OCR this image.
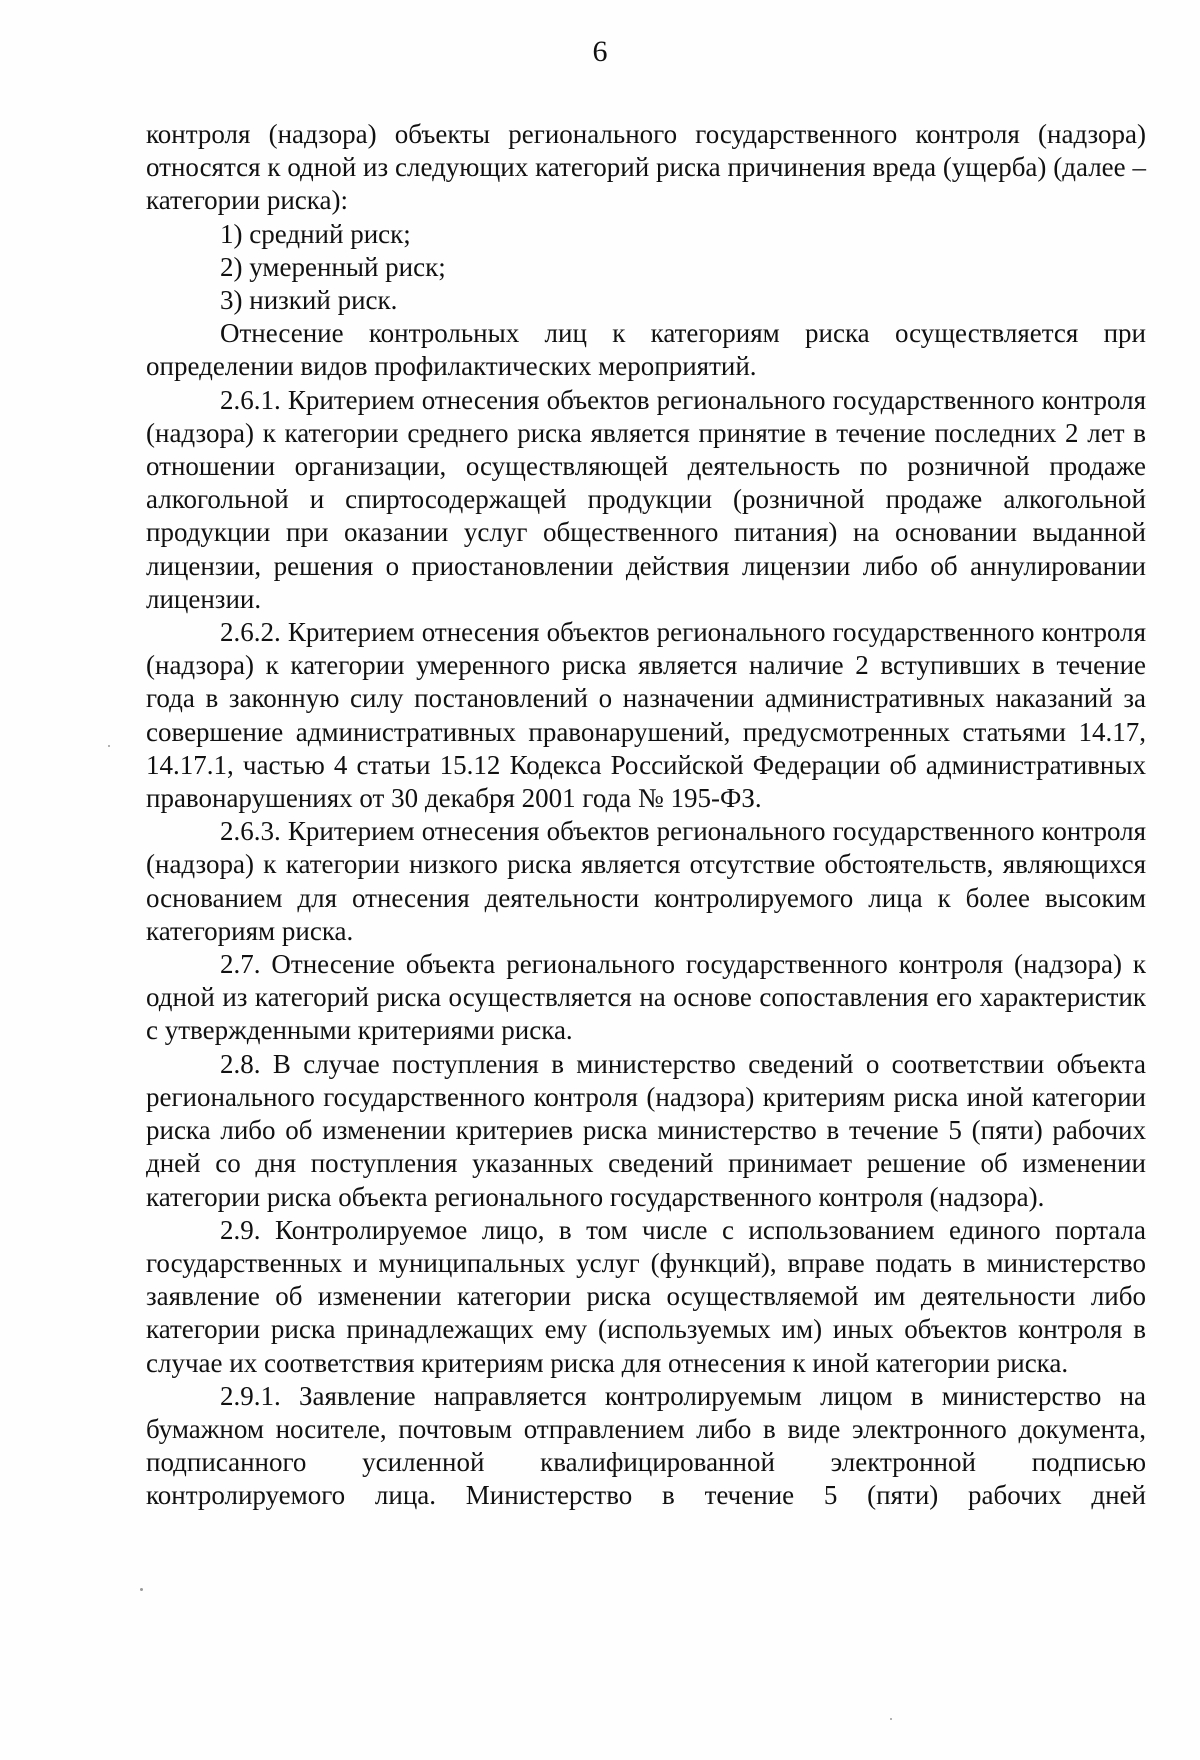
6

контроля (надзора) объекты регионального государственного контроля (надзора) относятся к одной из следующих категорий риска причинения вреда (ущерба) (далее – категории риска):

1) средний риск;

2) умеренный риск;

3) низкий риск.

Отнесение контрольных лиц к категориям риска осуществляется при определении видов профилактических мероприятий.

2.6.1. Критерием отнесения объектов регионального государственного контроля (надзора) к категории среднего риска является принятие в течение последних 2 лет в отношении организации, осуществляющей деятельность по розничной продаже алкогольной и спиртосодержащей продукции (розничной продаже алкогольной продукции при оказании услуг общественного питания) на основании выданной лицензии, решения о приостановлении действия лицензии либо об аннулировании лицензии.

2.6.2. Критерием отнесения объектов регионального государственного контроля (надзора) к категории умеренного риска является наличие 2 вступивших в течение года в законную силу постановлений о назначении административных наказаний за совершение административных правонарушений, предусмотренных статьями 14.17, 14.17.1, частью 4 статьи 15.12 Кодекса Российской Федерации об административных правонарушениях от 30 декабря 2001 года № 195-ФЗ.

2.6.3. Критерием отнесения объектов регионального государственного контроля (надзора) к категории низкого риска является отсутствие обстоятельств, являющихся основанием для отнесения деятельности контролируемого лица к более высоким категориям риска.

2.7. Отнесение объекта регионального государственного контроля (надзора) к одной из категорий риска осуществляется на основе сопоставления его характеристик с утвержденными критериями риска.

2.8. В случае поступления в министерство сведений о соответствии объекта регионального государственного контроля (надзора) критериям риска иной категории риска либо об изменении критериев риска министерство в течение 5 (пяти) рабочих дней со дня поступления указанных сведений принимает решение об изменении категории риска объекта регионального государственного контроля (надзора).

2.9. Контролируемое лицо, в том числе с использованием единого портала государственных и муниципальных услуг (функций), вправе подать в министерство заявление об изменении категории риска осуществляемой им деятельности либо категории риска принадлежащих ему (используемых им) иных объектов контроля в случае их соответствия критериям риска для отнесения к иной категории риска.

2.9.1. Заявление направляется контролируемым лицом в министерство на бумажном носителе, почтовым отправлением либо в виде электронного документа, подписанного усиленной квалифицированной электронной подписью контролируемого лица. Министерство в течение 5 (пяти) рабочих дней
